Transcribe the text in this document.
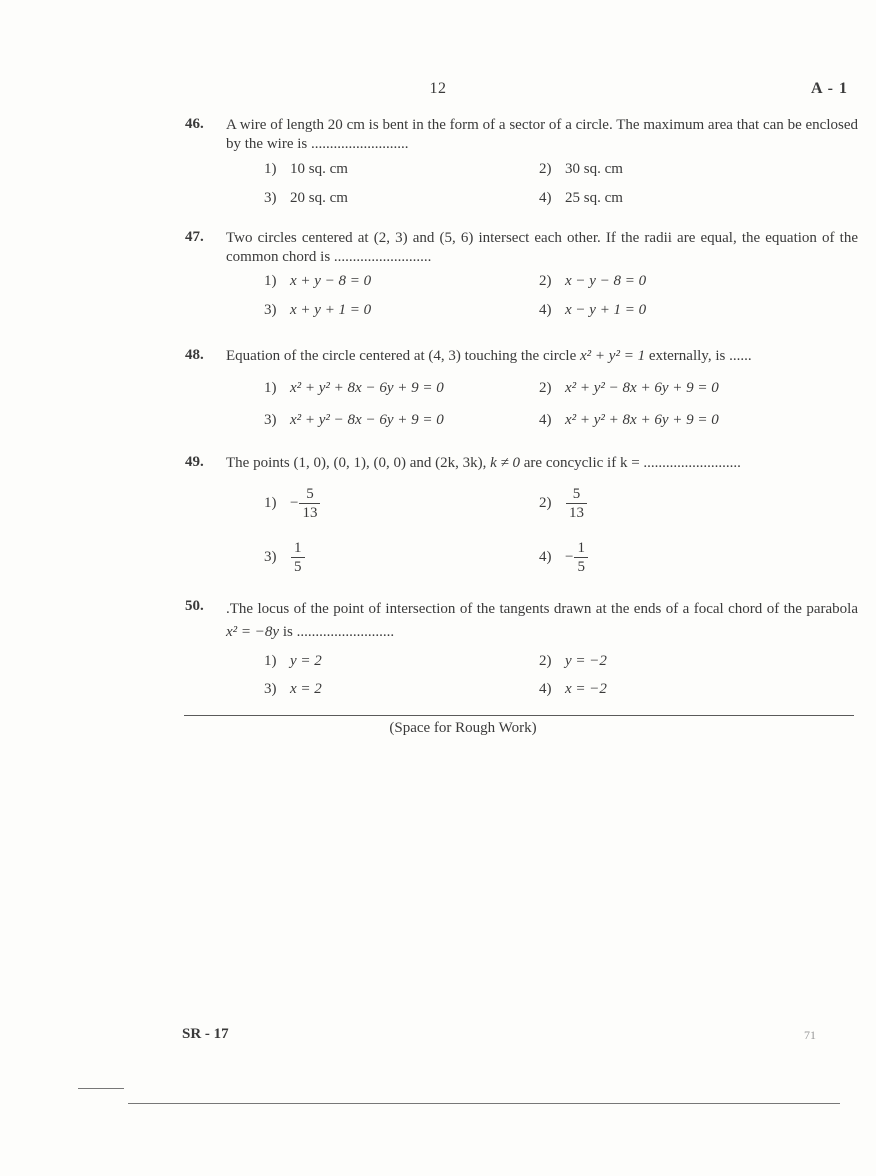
12	A - 1
46. A wire of length 20 cm is bent in the form of a sector of a circle. The maximum area that can be enclosed by the wire is ..........................
1) 10 sq. cm	2) 30 sq. cm
3) 20 sq. cm	4) 25 sq. cm
47. Two circles centered at (2, 3) and (5, 6) intersect each other. If the radii are equal, the equation of the common chord is ..........................
1) x + y − 8 = 0	2) x − y − 8 = 0
3) x + y + 1 = 0	4) x − y + 1 = 0
48. Equation of the circle centered at (4, 3) touching the circle x² + y² = 1 externally, is ......
1) x² + y² + 8x − 6y + 9 = 0	2) x² + y² − 8x + 6y + 9 = 0
3) x² + y² − 8x − 6y + 9 = 0	4) x² + y² + 8x + 6y + 9 = 0
49. The points (1, 0), (0, 1), (0, 0) and (2k, 3k), k ≠ 0 are concyclic if k = ..........................
$1) - \frac{5}{13}$	$2) \frac{5}{13}$
$3) \frac{1}{5}$	$4) - \frac{1}{5}$
50. .The locus of the point of intersection of the tangents drawn at the ends of a focal chord of the parabola x² = −8y is ..........................
1) y = 2	2) y = −2
3) x = 2	4) x = −2
(Space for Rough Work)
SR - 17	71
